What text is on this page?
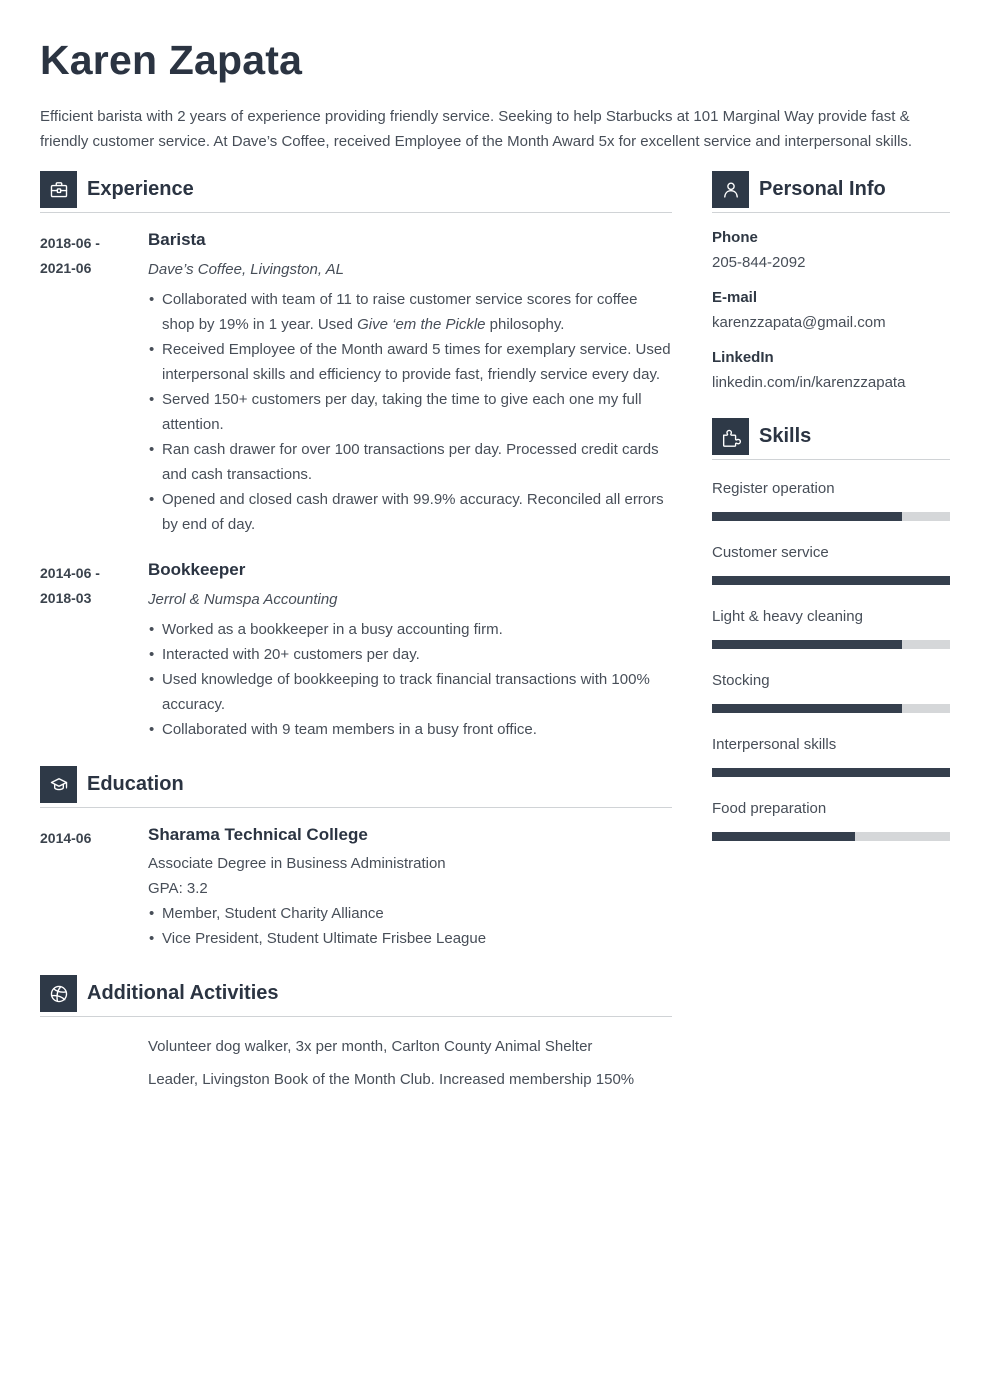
Karen Zapata

Efficient barista with 2 years of experience providing friendly service. Seeking to help Starbucks at 101 Marginal Way provide fast & friendly customer service. At Dave’s Coffee, received Employee of the Month Award 5x for excellent service and interpersonal skills.

Experience
2018-06 -
2021-06
Barista

Dave’s Coffee, Livingston, AL

• Collaborated with team of 11 to raise customer service scores for coffee shop by 19% in 1 year. Used Give ‘em the Pickle philosophy.
• Received Employee of the Month award 5 times for exemplary service. Used interpersonal skills and efficiency to provide fast, friendly service every day.
• Served 150+ customers per day, taking the time to give each one my full attention.
• Ran cash drawer for over 100 transactions per day. Processed credit cards and cash transactions.
• Opened and closed cash drawer with 99.9% accuracy. Reconciled all errors by end of day.
2014-06 -
2018-03
Bookkeeper

Jerrol & Numspa Accounting

• Worked as a bookkeeper in a busy accounting firm.
• Interacted with 20+ customers per day.
• Used knowledge of bookkeeping to track financial transactions with 100% accuracy.
• Collaborated with 9 team members in a busy front office.
Education
2014-06	Sharama Technical College

Associate Degree in Business Administration

GPA: 3.2

• Member, Student Charity Alliance
• Vice President, Student Ultimate Frisbee League
Additional Activities

Volunteer dog walker, 3x per month, Carlton County Animal Shelter

Leader, Livingston Book of the Month Club. Increased membership 150%

Personal Info

Phone

205-844-2092

E-mail

karenzzapata@gmail.com

LinkedIn

linkedin.com/in/karenzzapata

Skills

Register operation

Customer service

Light & heavy cleaning

Stocking

Interpersonal skills

Food preparation
